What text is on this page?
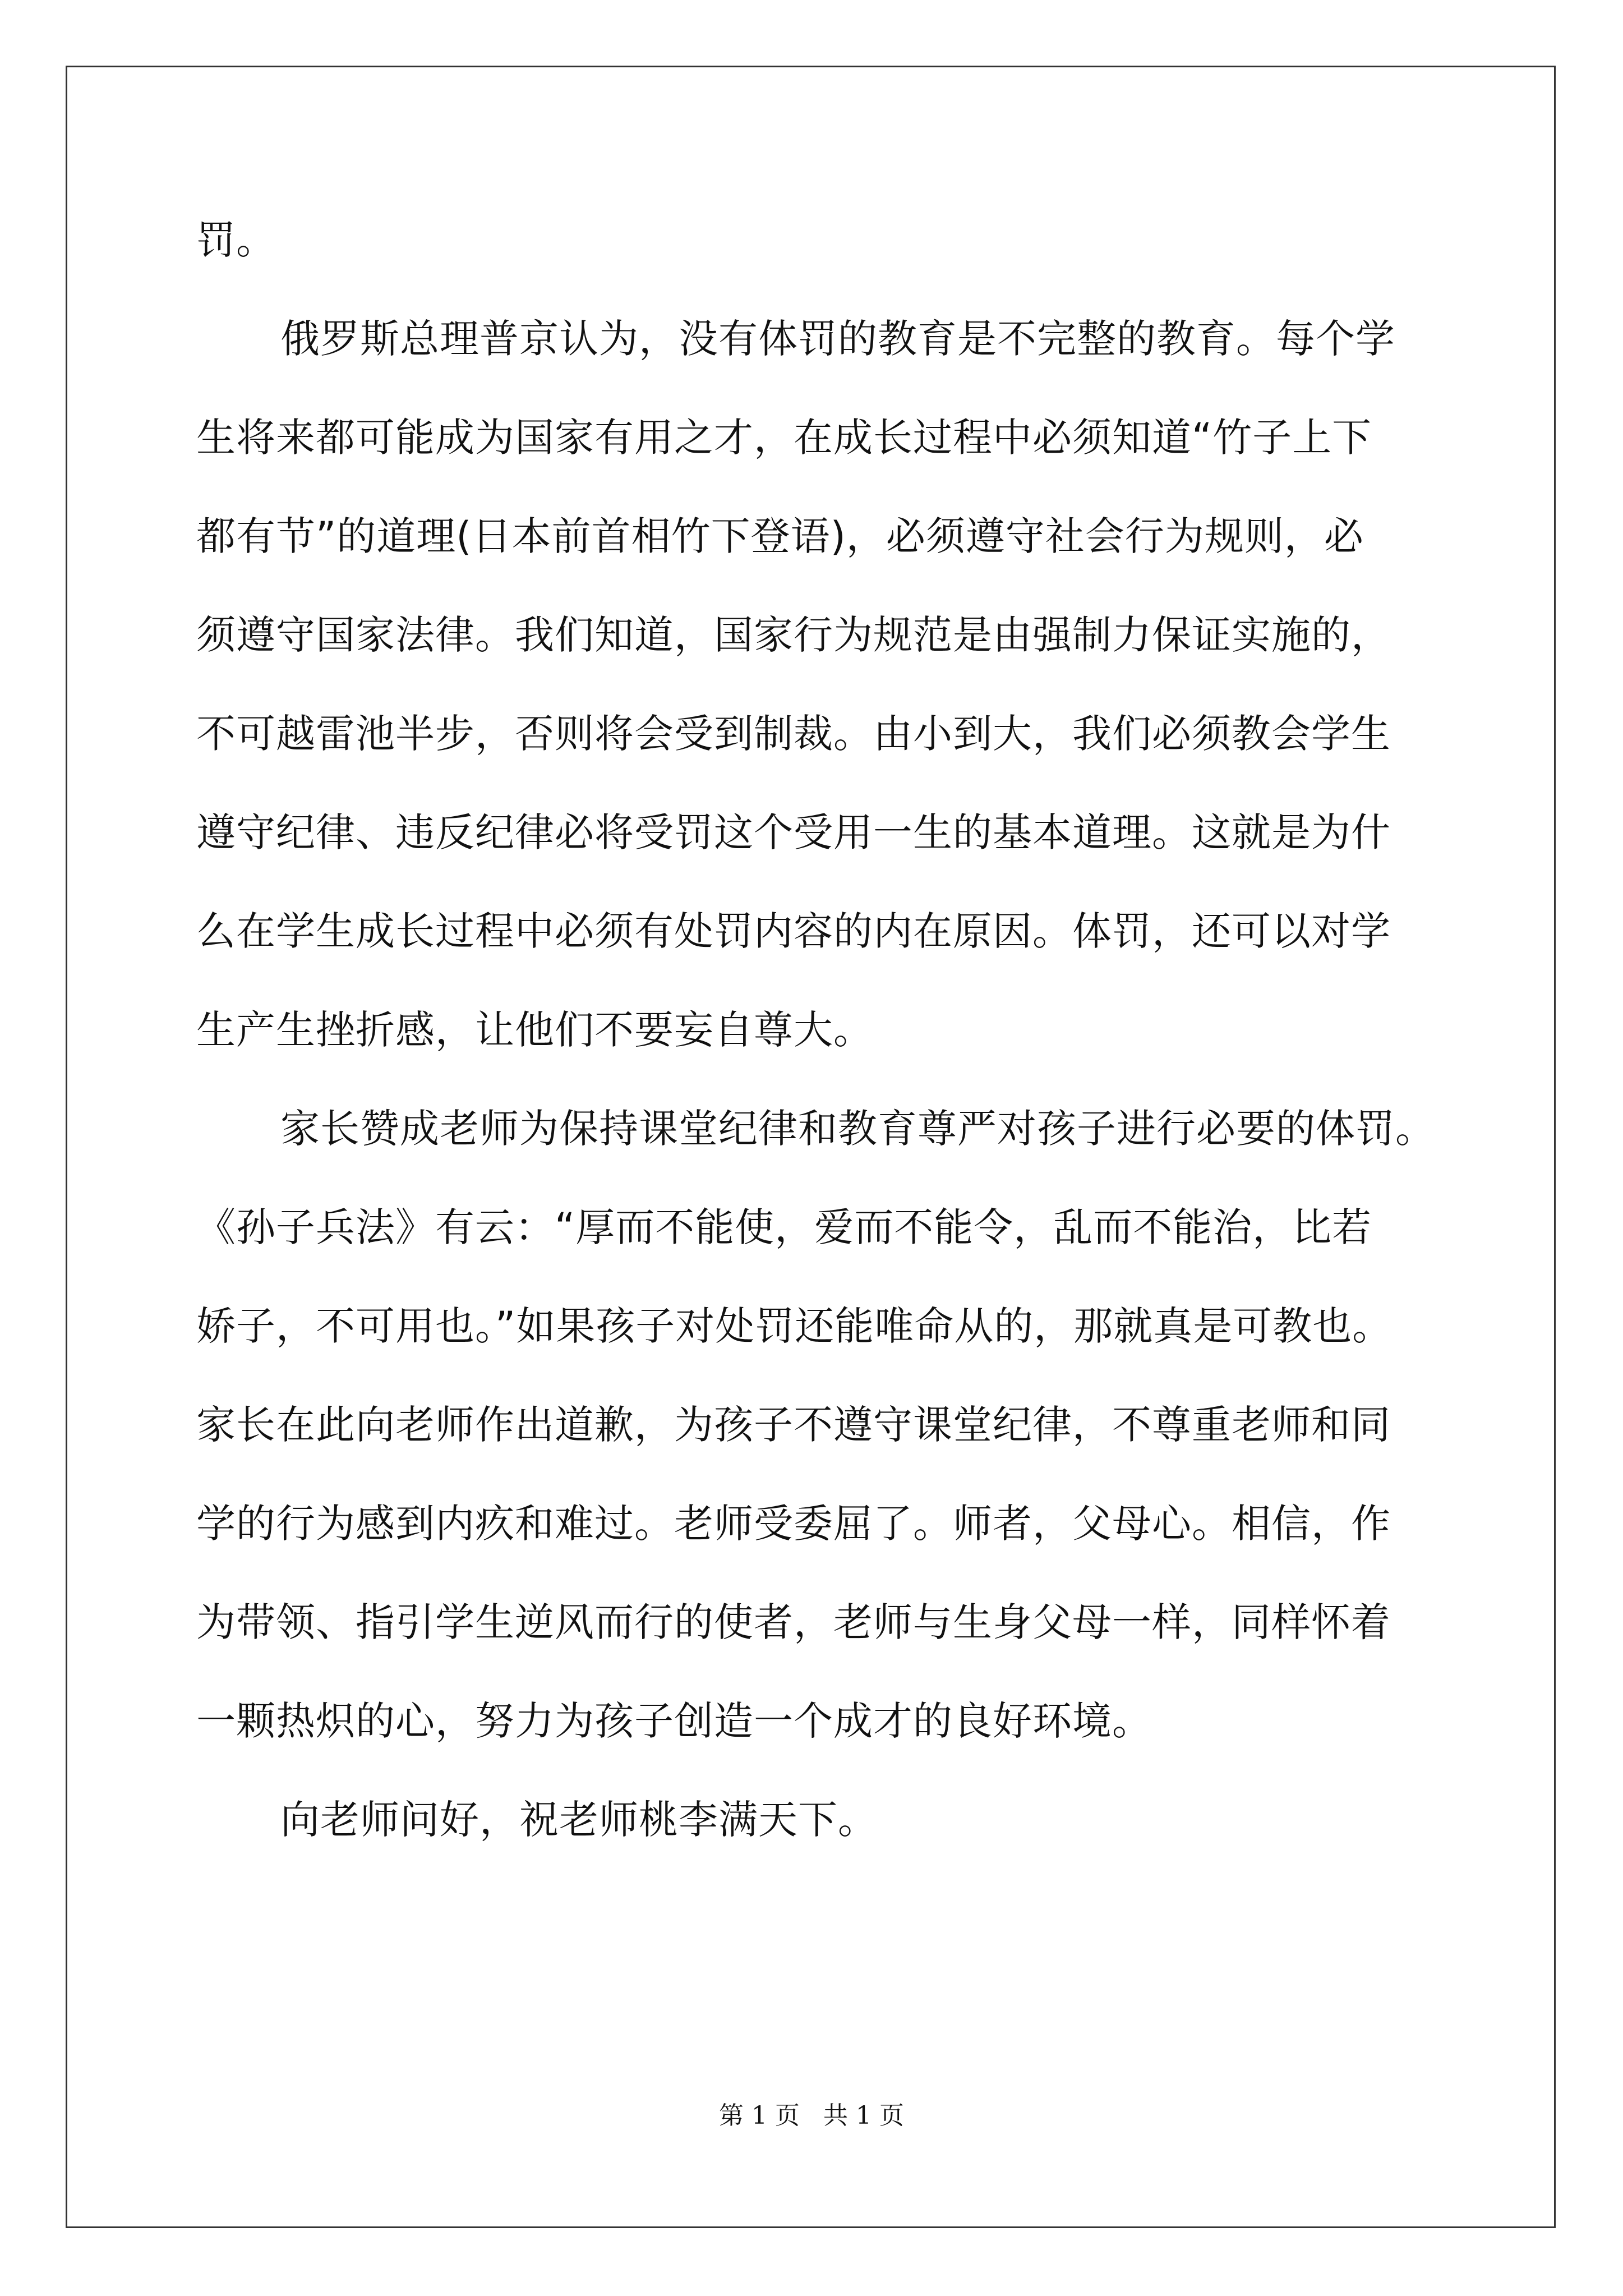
罚。
俄罗斯总理普京认为，没有体罚的教育是不完整的教育。每个学
生将来都可能成为国家有用之才，在成长过程中必须知道“竹子上下
都有节”的道理(日本前首相竹下登语)，必须遵守社会行为规则，必
须遵守国家法律。我们知道，国家行为规范是由强制力保证实施的，
不可越雷池半步，否则将会受到制裁。由小到大，我们必须教会学生
遵守纪律、违反纪律必将受罚这个受用一生的基本道理。这就是为什
么在学生成长过程中必须有处罚内容的内在原因。体罚，还可以对学
生产生挫折感，让他们不要妄自尊大。
家长赞成老师为保持课堂纪律和教育尊严对孩子进行必要的体罚。
《孙子兵法》有云：“厚而不能使，爱而不能令，乱而不能治，比若
娇子，不可用也。”如果孩子对处罚还能唯命从的，那就真是可教也。
家长在此向老师作出道歉，为孩子不遵守课堂纪律，不尊重老师和同
学的行为感到内疚和难过。老师受委屈了。师者，父母心。相信，作
为带领、指引学生逆风而行的使者，老师与生身父母一样，同样怀着
一颗热炽的心，努力为孩子创造一个成才的良好环境。
向老师问好，祝老师桃李满天下。
第 1 页   共 1 页
